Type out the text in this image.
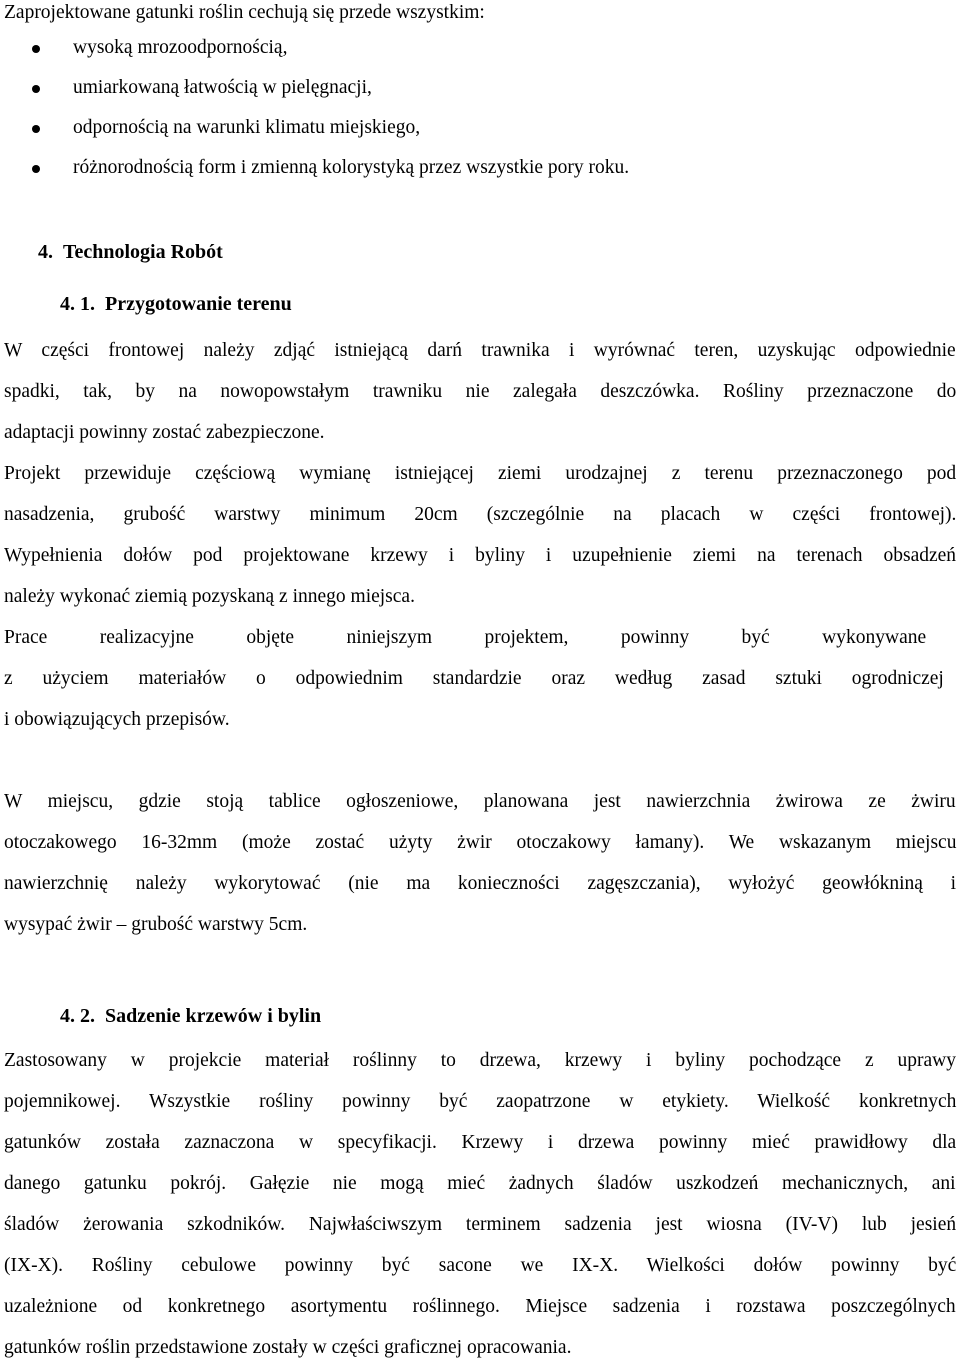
Zaprojektowane gatunki roślin cechują się przede wszystkim:
wysoką mrozoodpornością,
umiarkowaną łatwością w pielęgnacji,
odpornością na warunki klimatu miejskiego,
różnorodnością form i zmienną kolorystyką przez wszystkie pory roku.
4. Technologia Robót
4. 1. Przygotowanie terenu
W części frontowej należy zdjąć istniejącą darń trawnika i wyrównać teren, uzyskując odpowiednie
spadki, tak, by na nowopowstałym trawniku nie zalegała deszczówka. Rośliny przeznaczone do
adaptacji powinny zostać zabezpieczone.
Projekt przewiduje częściową wymianę istniejącej ziemi urodzajnej z terenu przeznaczonego pod
nasadzenia, grubość warstwy minimum 20cm (szczególnie na placach w części frontowej).
Wypełnienia dołów pod projektowane krzewy i byliny i uzupełnienie ziemi na terenach obsadzeń
należy wykonać ziemią pozyskaną z innego miejsca.
Prace realizacyjne objęte niniejszym projektem, powinny być wykonywane
z użyciem materiałów o odpowiednim standardzie oraz według zasad sztuki ogrodniczej
i obowiązujących przepisów.
W miejscu, gdzie stoją tablice ogłoszeniowe, planowana jest nawierzchnia żwirowa ze żwiru
otoczakowego 16-32mm (może zostać użyty żwir otoczakowy łamany). We wskazanym miejscu
nawierzchnię należy wykorytować (nie ma konieczności zagęszczania), wyłożyć geowłókniną i
wysypać żwir – grubość warstwy 5cm.
4. 2. Sadzenie krzewów i bylin
Zastosowany w projekcie materiał roślinny to drzewa, krzewy i byliny pochodzące z uprawy
pojemnikowej. Wszystkie rośliny powinny być zaopatrzone w etykiety. Wielkość konkretnych
gatunków została zaznaczona w specyfikacji. Krzewy i drzewa powinny mieć prawidłowy dla
danego gatunku pokrój. Gałęzie nie mogą mieć żadnych śladów uszkodzeń mechanicznych, ani
śladów żerowania szkodników. Najwłaściwszym terminem sadzenia jest wiosna (IV-V) lub jesień
(IX-X). Rośliny cebulowe powinny być sacone we IX-X. Wielkości dołów powinny być
uzależnione od konkretnego asortymentu roślinnego. Miejsce sadzenia i rozstawa poszczególnych
gatunków roślin przedstawione zostały w części graficznej opracowania.
